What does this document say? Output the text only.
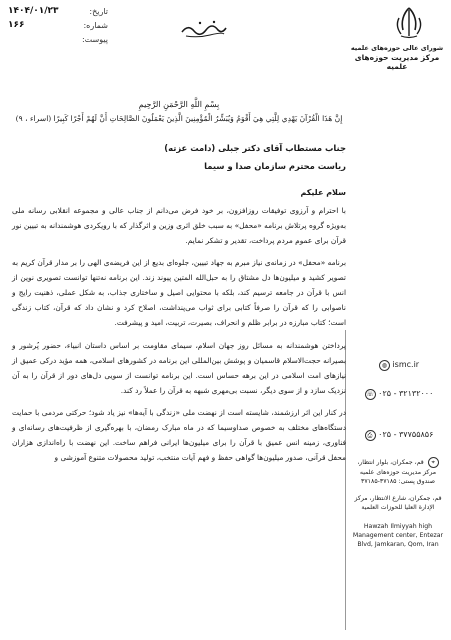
تاریخ:
۱۴۰۴/۰۱/۲۳
شماره:
۱۶۶
پیوست:
شورای عالی حوزه‌های علمیه
مرکز مدیریت حوزه‌های علمیه
بِسْمِ اللَّهِ الرَّحْمَنِ الرَّحِيمِ
إِنَّ هَذَا الْقُرْآنَ يَهْدِي لِلَّتِي هِيَ أَقْوَمُ وَيُبَشِّرُ الْمُؤْمِنِينَ الَّذِينَ يَعْمَلُونَ الصَّالِحَاتِ أَنَّ لَهُمْ أَجْرًا كَبِيرًا (اسراء ، ۹)
جناب مستطاب آقای دکتر جبلی (دامت عزته)
ریاست محترم سازمان صدا و سیما
سلام علیکم

با احترام و آرزوی توفیقات روزافزون، بر خود فرض می‌دانم از جناب عالی و مجموعه انقلابی رسانه ملی به‌ویژه گروه پرتلاش برنامه «محفل» به سبب خلق اثری وزین و اثرگذار که با رویکردی هوشمندانه به تبیین نور قرآن برای عموم مردم پرداخت، تقدیر و تشکر نمایم.

برنامه «محفل» در زمانه‌ی نیاز مبرم به جهاد تبیین، جلوه‌ای بدیع از این فریضه‌ی الهی را بر مدار قرآن کریم به تصویر کشید و میلیون‌ها دل مشتاق را به حبل‌الله المتین پیوند زند. این برنامه نه‌تنها توانست تصویری نوین از انس با قرآن در جامعه ترسیم کند، بلکه با محتوایی اصیل و ساختاری جذاب، به شکل عملی، ذهنیت رایج و ناصوابی را که قرآن را صرفاً کتابی برای ثواب می‌پنداشت، اصلاح کرد و نشان داد که قرآن، کتاب زندگی است؛ کتاب مبارزه در برابر ظلم و انحراف، بصیرت، تربیت، امید و پیشرفت.

پرداختن هوشمندانه به مسائل روز جهان اسلام، سیمای مقاومت بر اساس داستان انبیاء، حضور پُرشور و بصیرانه حجت‌الاسلام قاسمیان و پوشش بین‌المللی این برنامه در کشورهای اسلامی، همه مؤید درکی عمیق از نیازهای امت اسلامی در این برهه حساس است. این برنامه توانست از سویی دل‌های دور از قرآن را به آن نزدیک سازد و از سوی دیگر، نسبت بی‌مهری شبهه به قرآن را عملاً رد کند.

در کنار این اثر ارزشمند، شایسته است از نهضت ملی «زندگی با آیه‌ها» نیز یاد شود؛ حرکتی مردمی با حمایت دستگاه‌های مختلف به خصوص صداوسیما که در ماه مبارک رمضان، با بهره‌گیری از ظرفیت‌های رسانه‌ای و فناوری، زمینه انس عمیق با قرآن را برای میلیون‌ها ایرانی فراهم ساخت. این نهضت با راه‌اندازی هزاران محفل قرآنی، صدور میلیون‌ها گواهی حفظ و فهم آیات منتخب، تولید محصولات متنوع آموزشی و

◍ ismc.ir
☏ ۰۲۵ - ۳۲۱۳۲۰۰۰
⎙ ۰۲۵ - ۳۷۷۵۵۸۵۶
⌖ قم، جمکران، بلوار انتظار، مرکز مدیریت حوزه‌های علمیه صندوق پستی: ۳۷۱۸۵-۳۷۱۸۵
قم، جمكران، شارع الانتظار، مركز الإدارة العليا للحوزات العلمية
Hawzah Ilmiyyah high Management center, Entezar Blvd, Jamkaran, Qom, Iran
